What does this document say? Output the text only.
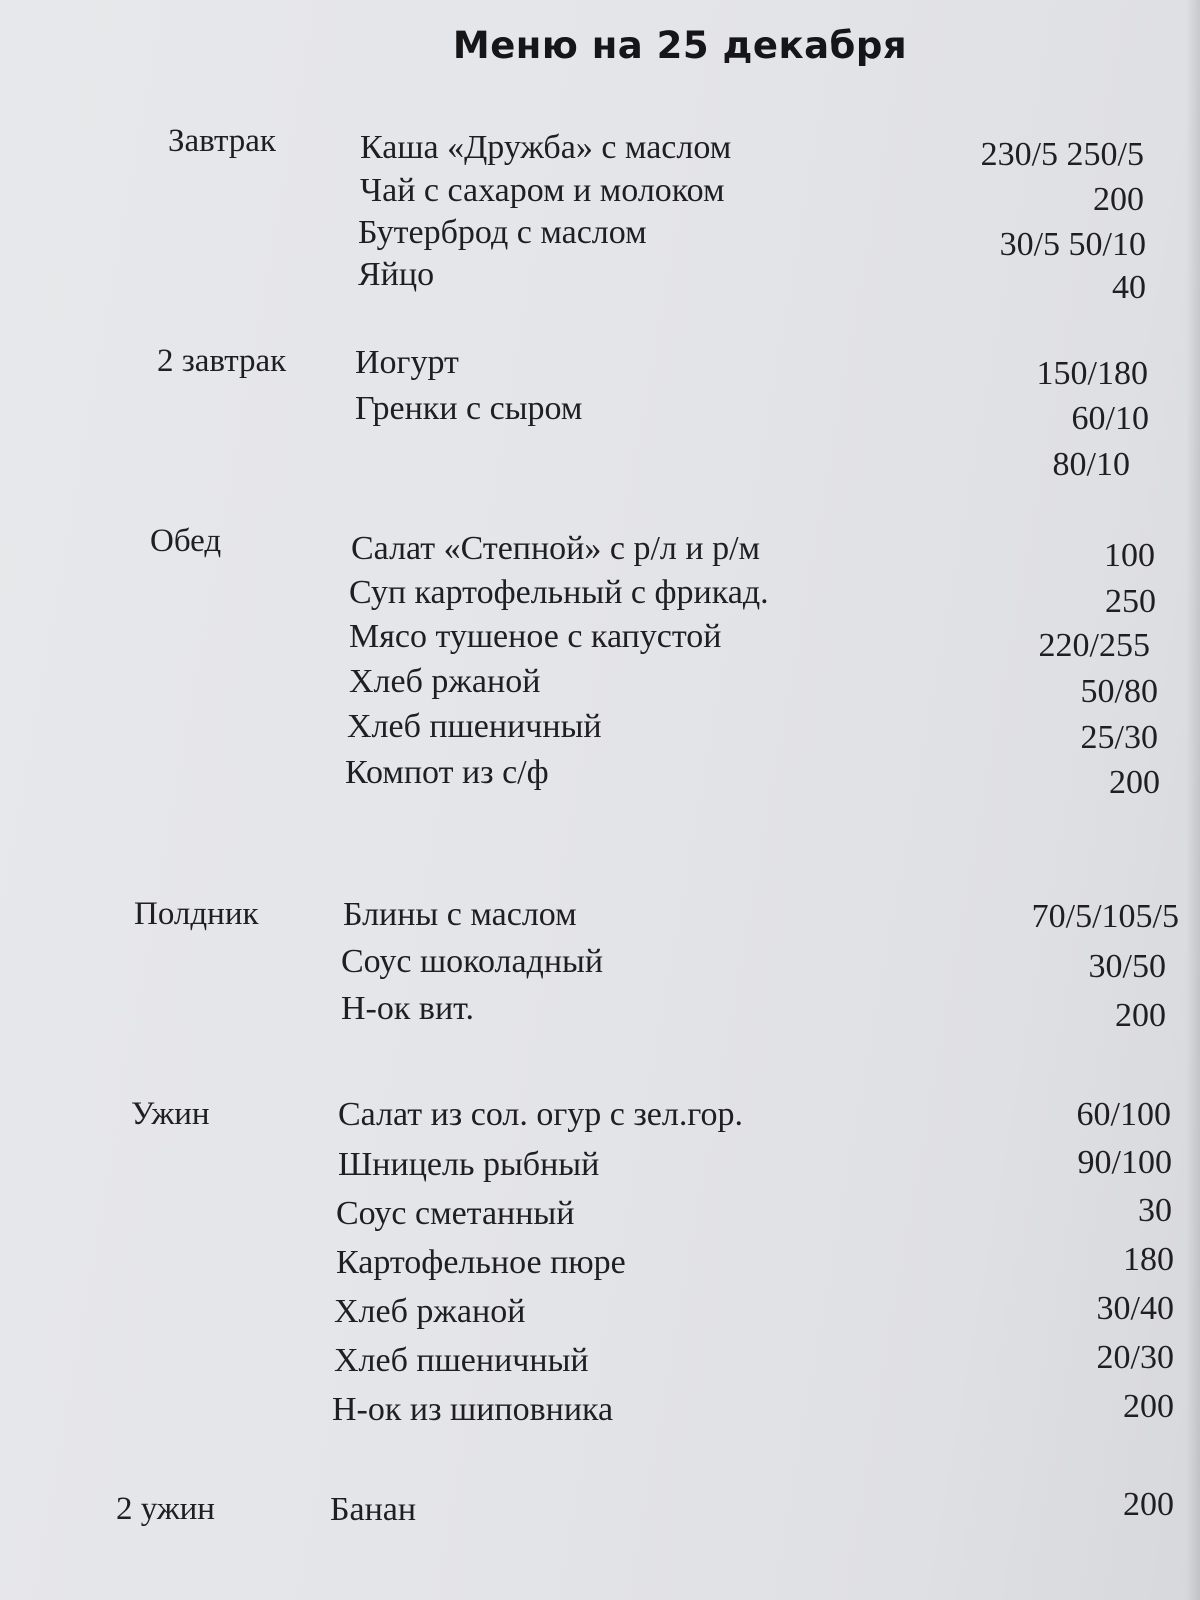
Меню на 25 декабря
Завтрак Каша «Дружба» с маслом	230/5 250/5
Чай с сахаром и молоком	200
Бутерброд с маслом	30/5 50/10
Яйцо	40
2 завтрак Иогурт	150/180
Гренки с сыром	60/10
80/10
Обед	Салат «Степной» с р/л и р/м	100
Суп картофельный с фрикад.	250
Мясо тушеное с капустой	220/255
Хлеб ржаной	50/80
Хлеб пшеничный	25/30
Компот из с/ф	200
Полдник Блины с маслом	70/5/105/5
Соус шоколадный	30/50
Н-ок вит.	200
Ужин	Салат из сол. огур с зел.гор.	60/100
Шницель рыбный	90/100
Соус сметанный	30
Картофельное пюре	180
Хлеб ржаной	30/40
Хлеб пшеничный	20/30
Н-ок из шиповника	200
2 ужин	Банан	200
